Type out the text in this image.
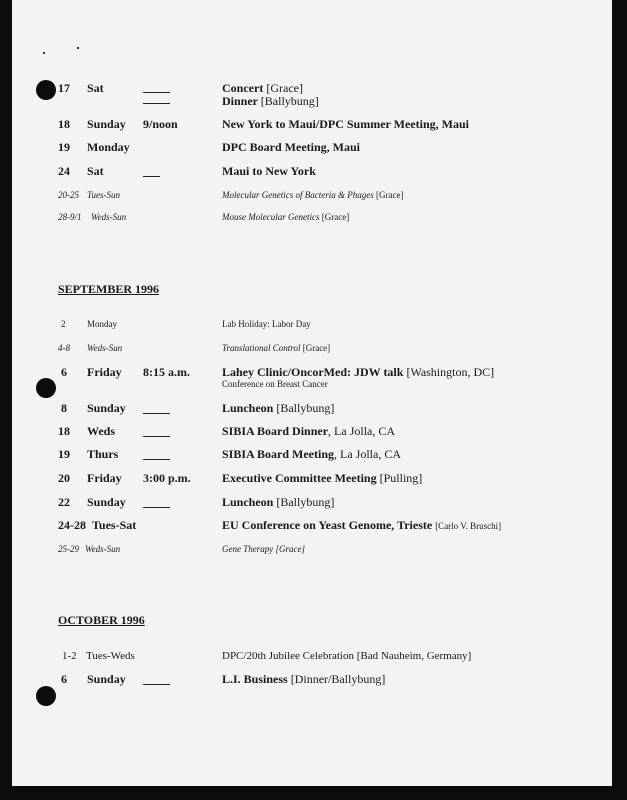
17 Sat	Concert [Grace]
Dinner [Ballybung]
18 Sunday 9/noon	New York to Maui/DPC Summer Meeting, Maui
19 Monday	DPC Board Meeting, Maui
24 Sat	Maui to New York
20-25 Tues-Sun	Molecular Genetics of Bacteria & Phages [Grace]
28-9/1 Weds-Sun	Mouse Molecular Genetics [Grace]
SEPTEMBER 1996
2 Monday	Lab Holiday: Labor Day
4-8 Weds-Sun	Translational Control [Grace]
6 Friday 8:15 a.m.	Lahey Clinic/OncorMed: JDW talk [Washington, DC]
Conference on Breast Cancer
8 Sunday	Luncheon [Ballybung]
18 Weds	SIBIA Board Dinner, La Jolla, CA
19 Thurs	SIBIA Board Meeting, La Jolla, CA
20 Friday 3:00 p.m.	Executive Committee Meeting [Pulling]
22 Sunday	Luncheon [Ballybung]
24-28 Tues-Sat	EU Conference on Yeast Genome, Trieste [Carlo V. Bruschi]
25-29 Weds-Sun	Gene Therapy [Grace]
OCTOBER 1996
1-2 Tues-Weds	DPC/20th Jubilee Celebration [Bad Nauheim, Germany]
6 Sunday	L.I. Business [Dinner/Ballybung]
